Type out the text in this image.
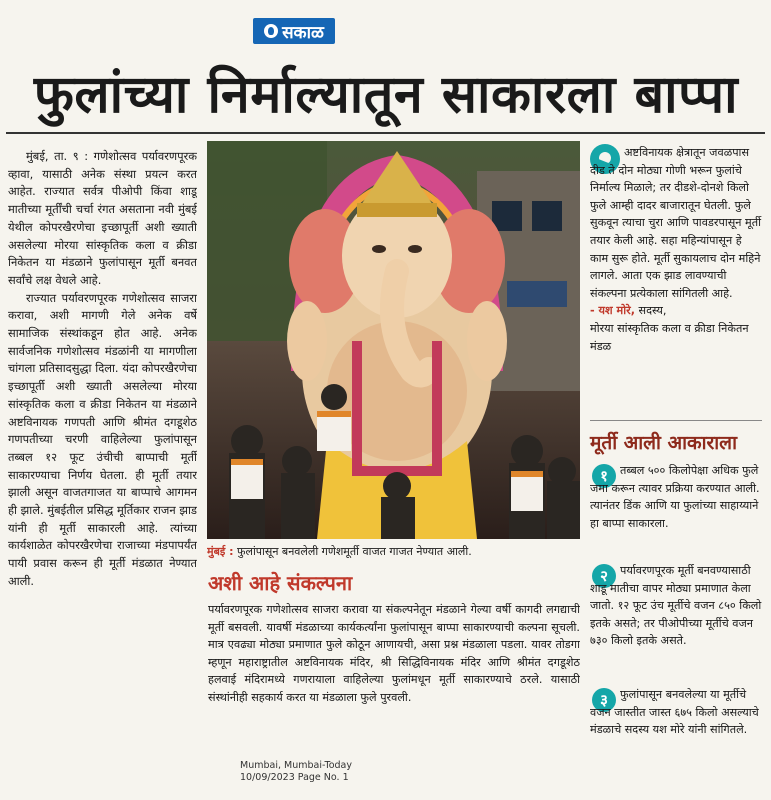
सकाळ
फुलांच्या निर्माल्यातून साकारला बाप्पा

मुंबई, ता. ९ : गणेशोत्सव पर्यावरणपूरक व्हावा, यासाठी अनेक संस्था प्रयत्न करत आहेत. राज्यात सर्वत्र पीओपी किंवा शाडू मातीच्या मूर्तींची चर्चा रंगत असताना नवी मुंबई येथील कोपरखैरणेचा इच्छापूर्ती अशी ख्याती असलेल्या मोरया सांस्कृतिक कला व क्रीडा निकेतन या मंडळाने फुलांपासून मूर्ती बनवत सर्वांचे लक्ष वेधले आहे.

राज्यात पर्यावरणपूरक गणेशोत्सव साजरा करावा, अशी मागणी गेले अनेक वर्षे सामाजिक संस्थांकडून होत आहे. अनेक सार्वजनिक गणेशोत्सव मंडळांनी या मागणीला चांगला प्रतिसादसुद्धा दिला. यंदा कोपरखैरणेचा इच्छापूर्ती अशी ख्याती असलेल्या मोरया सांस्कृतिक कला व क्रीडा निकेतन या मंडळाने अष्टविनायक गणपती आणि श्रीमंत दगडूशेठ गणपतीच्या चरणी वाहिलेल्या फुलांपासून तब्बल १२ फूट उंचीची बाप्पाची मूर्ती साकारण्याचा निर्णय घेतला. ही मूर्ती तयार झाली असून वाजतगाजत या बाप्पाचे आगमन ही झाले. मुंबईतील प्रसिद्ध मूर्तिकार राजन झाड यांनी ही मूर्ती साकारली आहे. त्यांच्या कार्यशाळेत कोपरखैरणेचा राजाच्या मंडपापर्यंत पायी प्रवास करून ही मूर्ती मंडळात नेण्यात आली.

मुंबई : फुलांपासून बनवलेली गणेशमूर्ती वाजत गाजत नेण्यात आली.
अशी आहे संकल्पना
पर्यावरणपूरक गणेशोत्सव साजरा करावा या संकल्पनेतून मंडळाने गेल्या वर्षी कागदी लगद्याची मूर्ती बसवली. यावर्षी मंडळाच्या कार्यकर्त्यांना फुलांपासून बाप्पा साकारण्याची कल्पना सूचली. मात्र एवढ्या मोठ्या प्रमाणात फुले कोठून आणायची, असा प्रश्न मंडळाला पडला. यावर तोडगा म्हणून महाराष्ट्रातील अष्टविनायक मंदिर, श्री सिद्धिविनायक मंदिर आणि श्रीमंत दगडूशेठ हलवाई मंदिरामध्ये गणरायाला वाहिलेल्या फुलांमधून मूर्ती साकारण्याचे ठरले. यासाठी संस्थांनीही सहकार्य करत या मंडळाला फुले पुरवली.
अष्टविनायक क्षेत्रातून जवळपास दीड ते दोन मोठ्या गोणी भरून फुलांचे निर्माल्य मिळाले; तर दीडशे-दोनशे किलो फुले आम्ही दादर बाजारातून घेतली. फुले सुकवून त्याचा चुरा आणि पावडरपासून मूर्ती तयार केली आहे. सहा महिन्यांपासून हे काम सुरू होते. मूर्ती सुकायलाच दोन महिने लागले. आता एक झाड लावण्याची संकल्पना प्रत्येकाला सांगितली आहे.
- यश मोरे, सदस्य,
मोरया सांस्कृतिक कला व क्रीडा निकेतन मंडळ
मूर्ती आली आकाराला
१	तब्बल ५०० किलोपेक्षा अधिक फुले जमा करून त्यावर प्रक्रिया करण्यात आली. त्यानंतर डिंक आणि या फुलांच्या साहाय्याने हा बाप्पा साकारला.
२	पर्यावरणपूरक मूर्ती बनवण्यासाठी शाडू मातीचा वापर मोठ्या प्रमाणात केला जातो. १२ फूट उंच मूर्तीचे वजन ८५० किलो इतके असते; तर पीओपीच्या मूर्तीचे वजन ७३० किलो इतके असते.
३	फुलांपासून बनवलेल्या या मूर्तीचे वजन जास्तीत जास्त ६७५ किलो असल्याचे मंडळाचे सदस्य यश मोरे यांनी सांगितले.
Mumbai, Mumbai-Today
10/09/2023 Page No. 1
